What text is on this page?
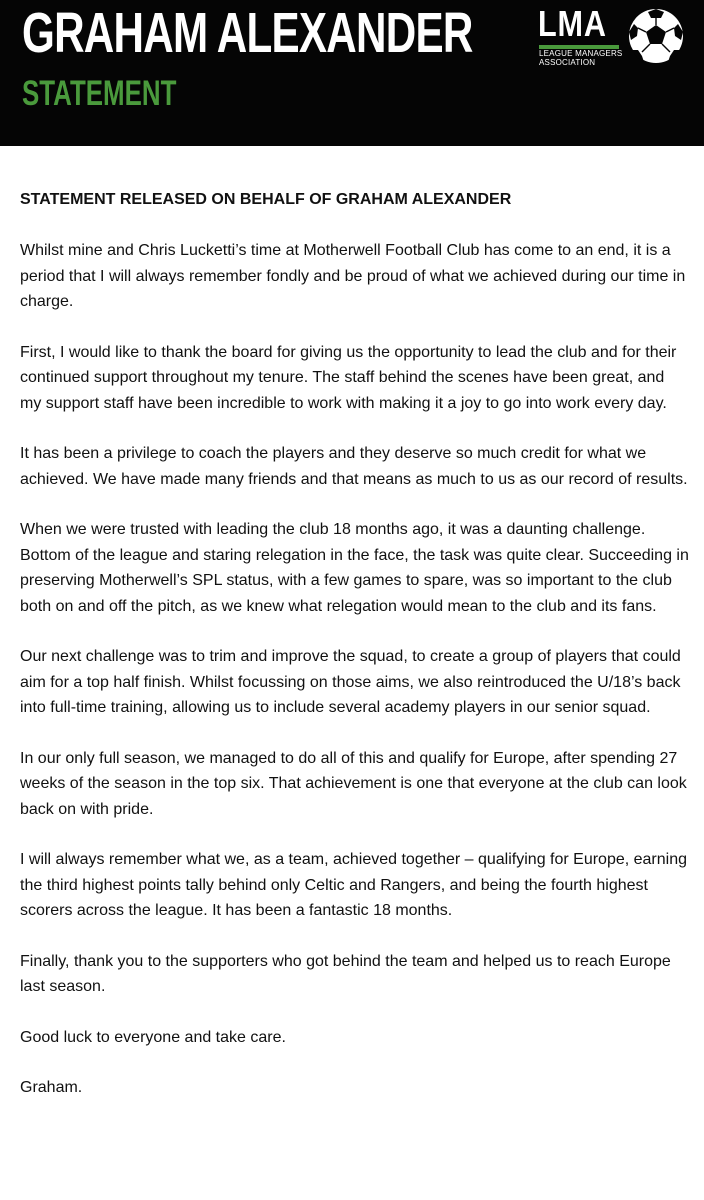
GRAHAM ALEXANDER
STATEMENT
LMA
LEAGUE MANAGERS
ASSOCIATION
STATEMENT RELEASED ON BEHALF OF GRAHAM ALEXANDER

Whilst mine and Chris Lucketti’s time at Motherwell Football Club has come to an end, it is a period that I will always remember fondly and be proud of what we achieved during our time in charge.

First, I would like to thank the board for giving us the opportunity to lead the club and for their continued support throughout my tenure. The staff behind the scenes have been great, and my support staff have been incredible to work with making it a joy to go into work every day.

It has been a privilege to coach the players and they deserve so much credit for what we achieved. We have made many friends and that means as much to us as our record of results.

When we were trusted with leading the club 18 months ago, it was a daunting challenge. Bottom of the league and staring relegation in the face, the task was quite clear. Succeeding in preserving Motherwell’s SPL status, with a few games to spare, was so important to the club both on and off the pitch, as we knew what relegation would mean to the club and its fans.

Our next challenge was to trim and improve the squad, to create a group of players that could aim for a top half finish. Whilst focussing on those aims, we also reintroduced the U/18’s back into full-time training, allowing us to include several academy players in our senior squad.

In our only full season, we managed to do all of this and qualify for Europe, after spending 27 weeks of the season in the top six. That achievement is one that everyone at the club can look back on with pride.

I will always remember what we, as a team, achieved together – qualifying for Europe, earning the third highest points tally behind only Celtic and Rangers, and being the fourth highest scorers across the league. It has been a fantastic 18 months.

Finally, thank you to the supporters who got behind the team and helped us to reach Europe last season.

Good luck to everyone and take care.

Graham.
